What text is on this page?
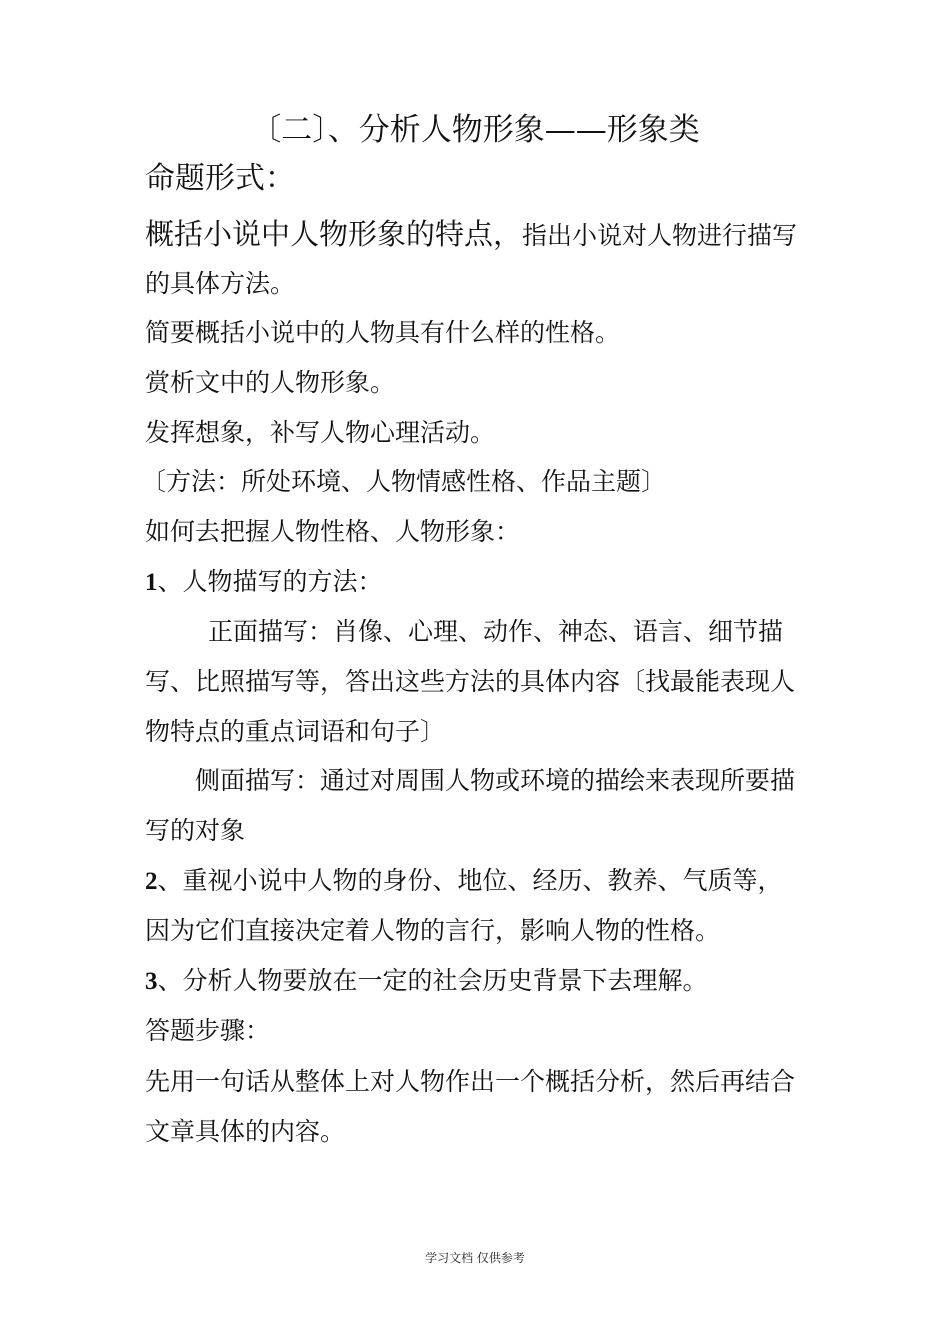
〔二〕、分析人物形象——形象类
命题形式：
概括小说中人物形象的特点，指出小说对人物进行描写
的具体方法。
简要概括小说中的人物具有什么样的性格。
赏析文中的人物形象。
发挥想象，补写人物心理活动。
〔方法：所处环境、人物情感性格、作品主题〕
如何去把握人物性格、人物形象：
1、人物描写的方法：
正面描写：肖像、心理、动作、神态、语言、细节描
写、比照描写等，答出这些方法的具体内容〔找最能表现人
物特点的重点词语和句子〕
侧面描写：通过对周围人物或环境的描绘来表现所要描
写的对象
2、重视小说中人物的身份、地位、经历、教养、气质等，
因为它们直接决定着人物的言行，影响人物的性格。
3、分析人物要放在一定的社会历史背景下去理解。
答题步骤：
先用一句话从整体上对人物作出一个概括分析，然后再结合
文章具体的内容。
学习文档 仅供参考
